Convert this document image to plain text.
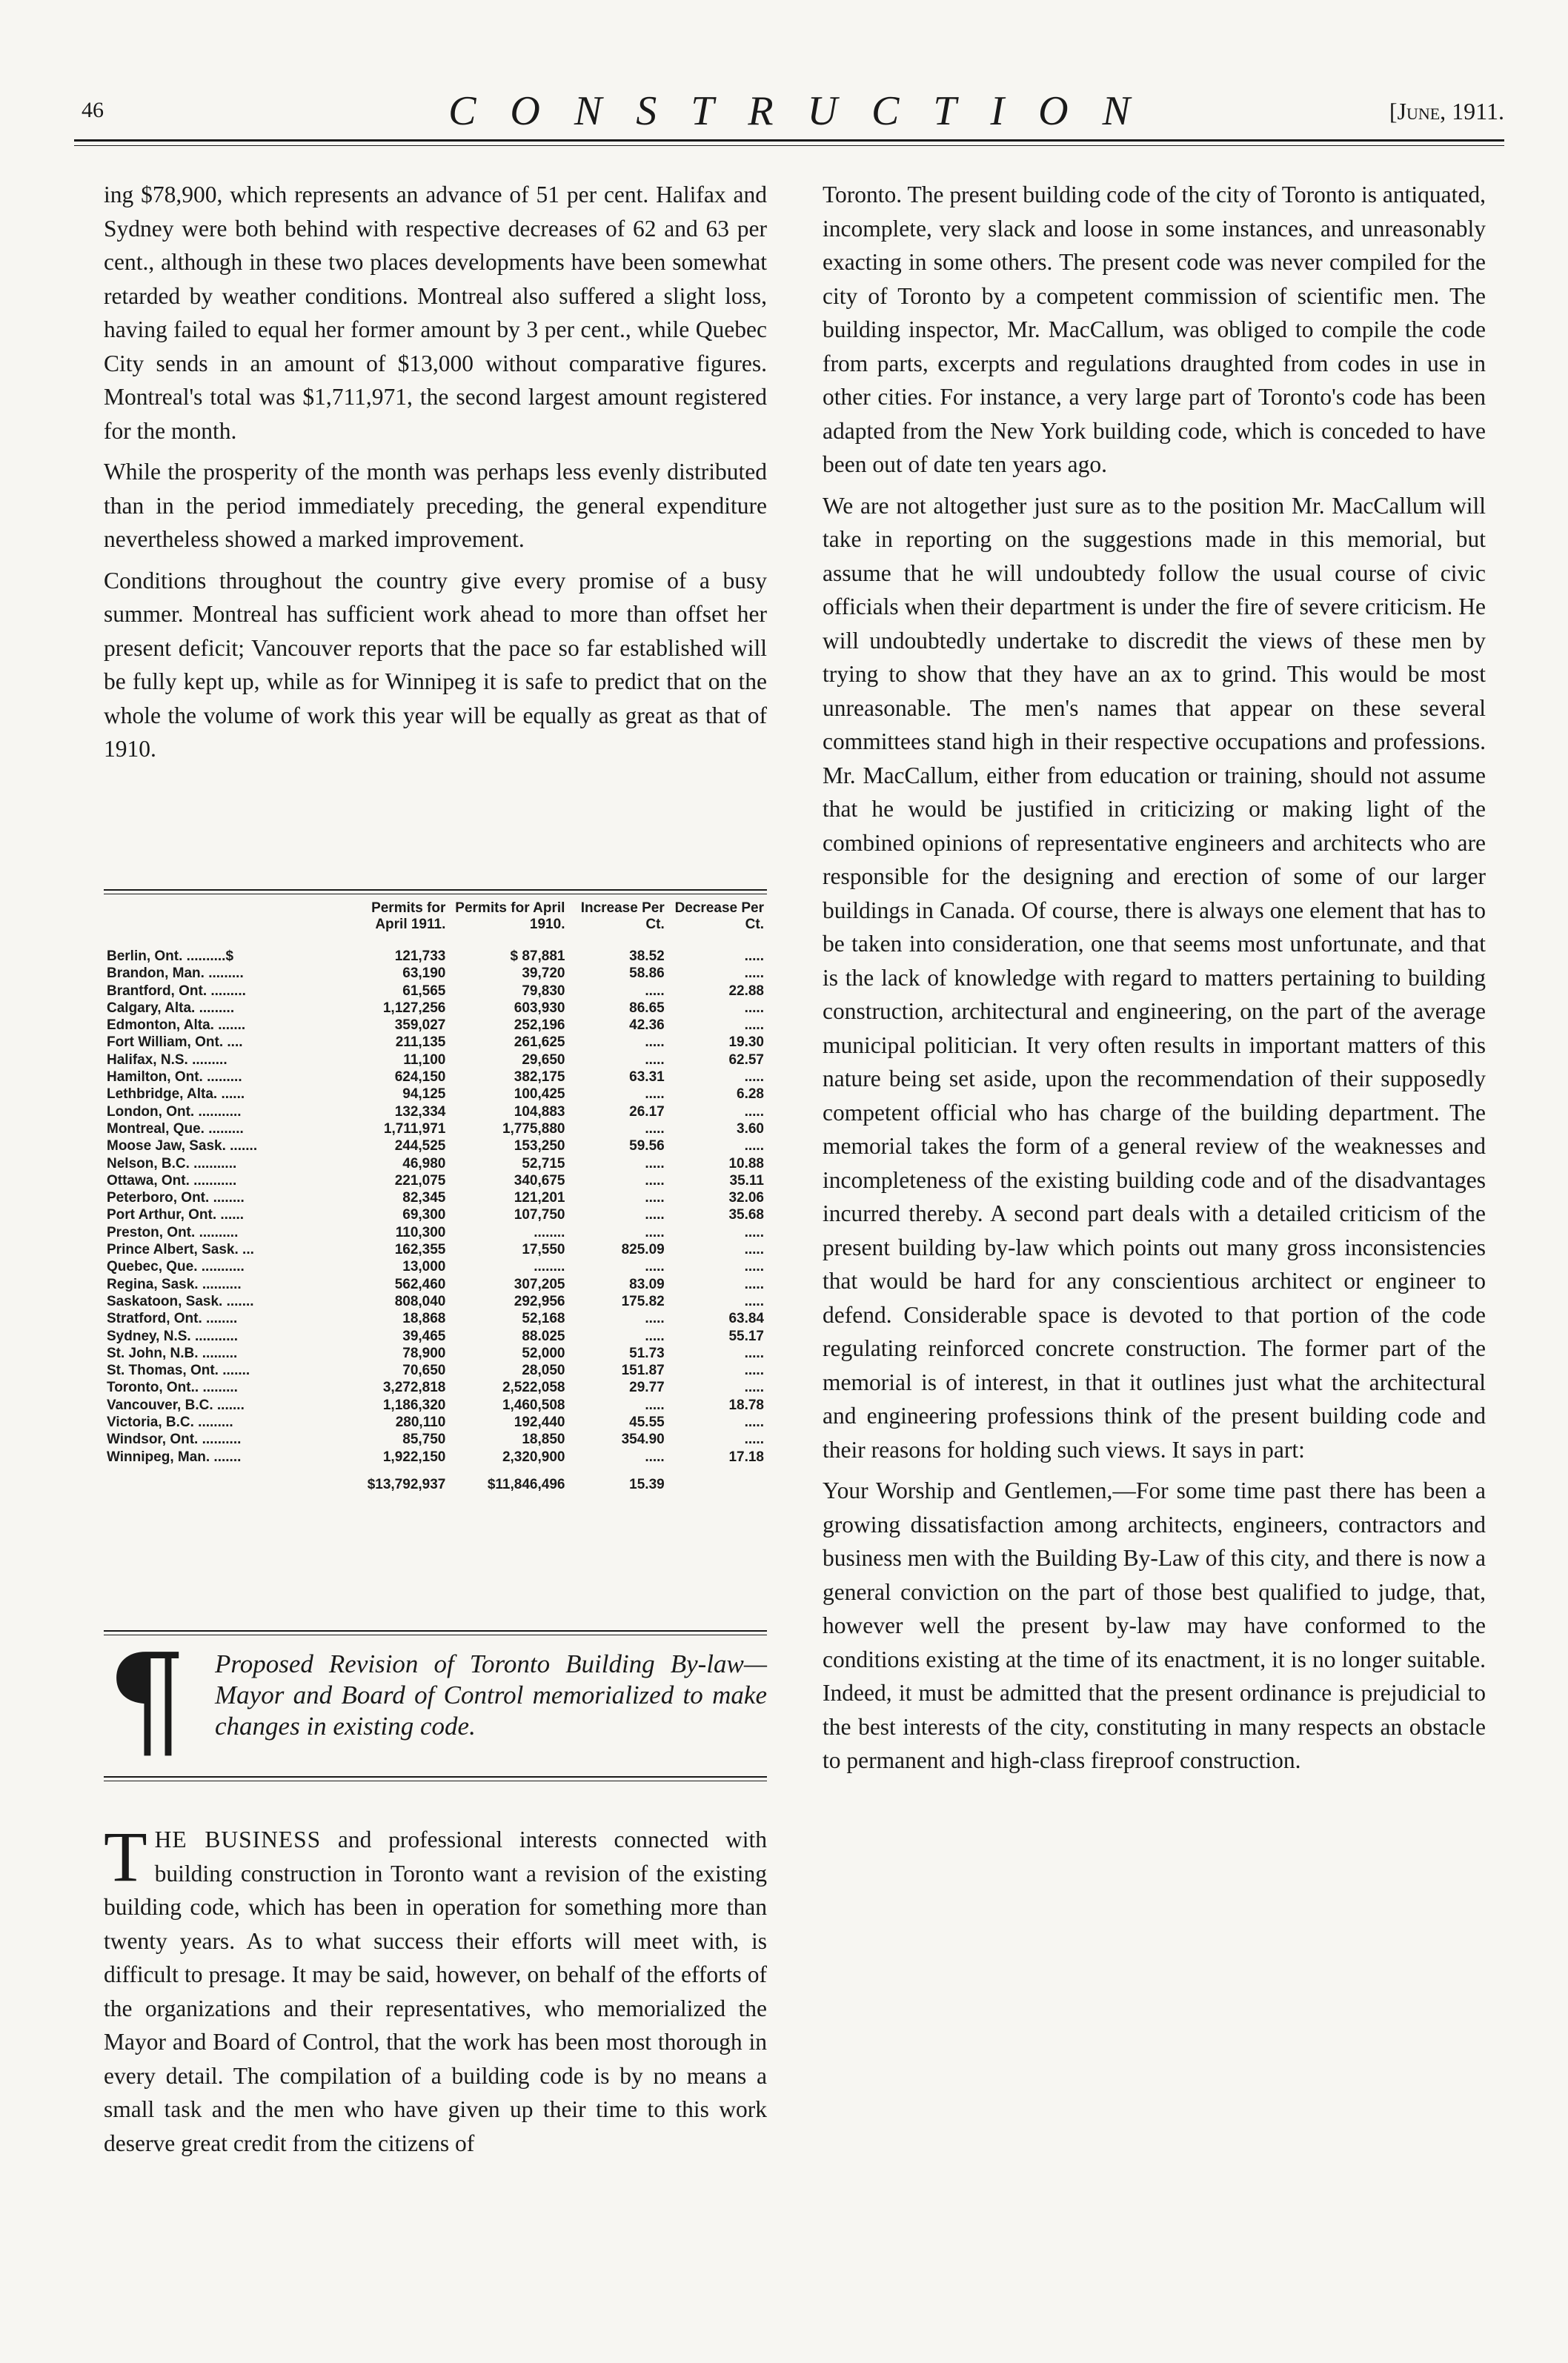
46	CONSTRUCTION	[June, 1911.

ing $78,900, which represents an advance of 51 per cent. Halifax and Sydney were both behind with respective decreases of 62 and 63 per cent., although in these two places developments have been somewhat retarded by weather conditions. Montreal also suffered a slight loss, having failed to equal her former amount by 3 per cent., while Quebec City sends in an amount of $13,000 without comparative figures. Montreal's total was $1,711,971, the second largest amount registered for the month.

While the prosperity of the month was perhaps less evenly distributed than in the period immediately preceding, the general expenditure nevertheless showed a marked improvement.

Conditions throughout the country give every promise of a busy summer. Montreal has sufficient work ahead to more than offset her present deficit; Vancouver reports that the pace so far established will be fully kept up, while as for Winnipeg it is safe to predict that on the whole the volume of work this year will be equally as great as that of 1910.

	Permits for April 1911.	Permits for April 1910.	Increase Per Ct.	Decrease Per Ct.
Berlin, Ont. ..........$	121,733	$ 87,881	38.52	.....
Brandon, Man. .........	63,190	39,720	58.86	.....
Brantford, Ont. .........	61,565	79,830	.....	22.88
Calgary, Alta. .........	1,127,256	603,930	86.65	.....
Edmonton, Alta. .......	359,027	252,196	42.36	.....
Fort William, Ont. ....	211,135	261,625	.....	19.30
Halifax, N.S. .........	11,100	29,650	.....	62.57
Hamilton, Ont. .........	624,150	382,175	63.31	.....
Lethbridge, Alta. ......	94,125	100,425	.....	6.28
London, Ont. ...........	132,334	104,883	26.17	.....
Montreal, Que. .........	1,711,971	1,775,880	.....	3.60
Moose Jaw, Sask. .......	244,525	153,250	59.56	.....
Nelson, B.C. ...........	46,980	52,715	.....	10.88
Ottawa, Ont. ...........	221,075	340,675	.....	35.11
Peterboro, Ont. ........	82,345	121,201	.....	32.06
Port Arthur, Ont. ......	69,300	107,750	.....	35.68
Preston, Ont. ..........	110,300	........	.....	.....
Prince Albert, Sask. ...	162,355	17,550	825.09	.....
Quebec, Que. ...........	13,000	........	.....	.....
Regina, Sask. ..........	562,460	307,205	83.09	.....
Saskatoon, Sask. .......	808,040	292,956	175.82	.....
Stratford, Ont. ........	18,868	52,168	.....	63.84
Sydney, N.S. ...........	39,465	88.025	.....	55.17
St. John, N.B. .........	78,900	52,000	51.73	.....
St. Thomas, Ont. .......	70,650	28,050	151.87	.....
Toronto, Ont.. .........	3,272,818	2,522,058	29.77	.....
Vancouver, B.C. .......	1,186,320	1,460,508	.....	18.78
Victoria, B.C. .........	280,110	192,440	45.55	.....
Windsor, Ont. ..........	85,750	18,850	354.90	.....
Winnipeg, Man. .......	1,922,150	2,320,900	.....	17.18
	$13,792,937	$11,846,496	15.39	
¶ Proposed Revision of Toronto Building By-law—Mayor and Board of Control memorialized to make changes in existing code.
THE BUSINESS and professional interests connected with building construction in Toronto want a revision of the existing building code, which has been in operation for something more than twenty years. As to what success their efforts will meet with, is difficult to presage. It may be said, however, on behalf of the efforts of the organizations and their representatives, who memorialized the Mayor and Board of Control, that the work has been most thorough in every detail. The compilation of a building code is by no means a small task and the men who have given up their time to this work deserve great credit from the citizens of

Toronto. The present building code of the city of Toronto is antiquated, incomplete, very slack and loose in some instances, and unreasonably exacting in some others. The present code was never compiled for the city of Toronto by a competent commission of scientific men. The building inspector, Mr. MacCallum, was obliged to compile the code from parts, excerpts and regulations draughted from codes in use in other cities. For instance, a very large part of Toronto's code has been adapted from the New York building code, which is conceded to have been out of date ten years ago.

We are not altogether just sure as to the position Mr. MacCallum will take in reporting on the suggestions made in this memorial, but assume that he will undoubtedy follow the usual course of civic officials when their department is under the fire of severe criticism. He will undoubtedly undertake to discredit the views of these men by trying to show that they have an ax to grind. This would be most unreasonable. The men's names that appear on these several committees stand high in their respective occupations and professions. Mr. MacCallum, either from education or training, should not assume that he would be justified in criticizing or making light of the combined opinions of representative engineers and architects who are responsible for the designing and erection of some of our larger buildings in Canada. Of course, there is always one element that has to be taken into consideration, one that seems most unfortunate, and that is the lack of knowledge with regard to matters pertaining to building construction, architectural and engineering, on the part of the average municipal politician. It very often results in important matters of this nature being set aside, upon the recommendation of their supposedly competent official who has charge of the building department. The memorial takes the form of a general review of the weaknesses and incompleteness of the existing building code and of the disadvantages incurred thereby. A second part deals with a detailed criticism of the present building by-law which points out many gross inconsistencies that would be hard for any conscientious architect or engineer to defend. Considerable space is devoted to that portion of the code regulating reinforced concrete construction. The former part of the memorial is of interest, in that it outlines just what the architectural and engineering professions think of the present building code and their reasons for holding such views. It says in part:

Your Worship and Gentlemen,—For some time past there has been a growing dissatisfaction among architects, engineers, contractors and business men with the Building By-Law of this city, and there is now a general conviction on the part of those best qualified to judge, that, however well the present by-law may have conformed to the conditions existing at the time of its enactment, it is no longer suitable. Indeed, it must be admitted that the present ordinance is prejudicial to the best interests of the city, constituting in many respects an obstacle to permanent and high-class fireproof construction.
